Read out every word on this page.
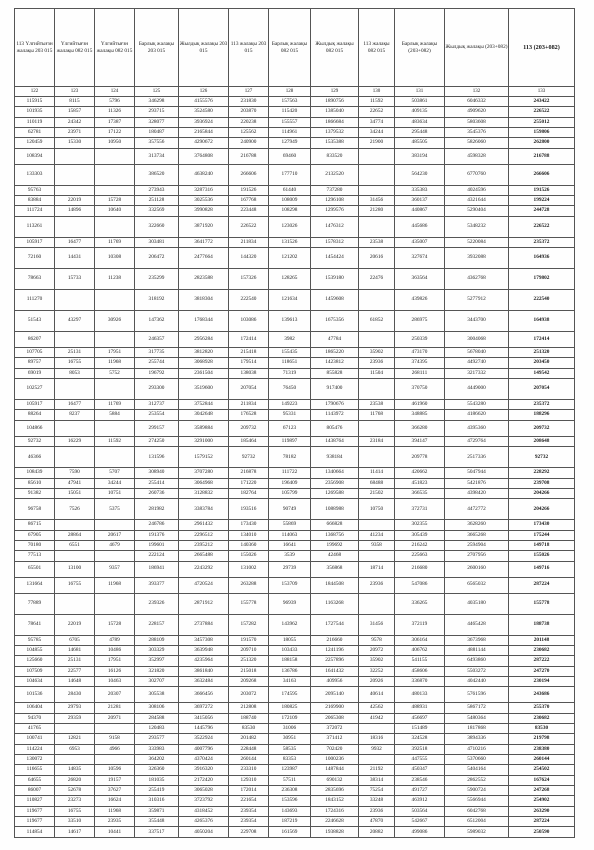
113 Үлгийтығзн жалақы 203 015	Үлгийтығзн жалақы 082 015	Үлгийтығзн жалақы 082 015	Барлық жалақы 203 015	Жылдық жалақы 203 015	113 жалақы 203 015	Барлық жалақы 082 015	Жылдық жалақы 082 015	113 жалақы 082 015	Барлық жалақы (203+082)	Жылдық жалақы (203+082)	113 (203+082)
122	123	124	125	126	127	128	129	130	131	132	133
115915	8115	5796	346298	4155576	231830	157563	1890756	11592	503861	6046332	243422
101935	15857	11326	293715	3524580	203870	115420	1385040	22652	409135	4909620	226522
110119	24342	17387	328077	3936924	220238	155557	1866684	34774	483634	5803608	255012
62781	23971	17122	180487	2165844	125562	114961	1379532	34244	295448	3545376	159806
120459	15330	10950	357556	4290672	240900	127949	1535388	21900	485505	5826060	262800
108394			313734	3764808	216788	69460	833520		383194	4598328	216788
133303			386520	4638240	266606	177710	2132520		564230	6770760	266606
95763			273943	3287316	191526	61440	737280		335383	4024596	191526
83884	22019	15728	251128	3025536	167768	108009	1296108	31456	360137	4321644	199224
111724	14896	10640	332569	3990828	223448	108298	1299576	21280	440867	5290404	244728
113261			322660	3871920	226522	123026	1476312		445686	5348232	226522
105917	16477	11769	303481	3641772	211834	131526	1578312	23538	435007	5220084	235372
72160	14431	10308	206472	2477664	144320	121202	1454424	20616	327674	3932088	164936
78663	15733	11238	235299	2823588	157326	128265	1539180	22476	363564	4362768	179802
111270			318192	3818304	222540	121634	1459608		439826	5277912	222540
51543	43297	30926	147362	1768344	103086	139613	1675356	61852	286975	3443700	164938
86207			246357	2956284	172414	3982	47784		250339	3004068	172414
107705	25131	17951	317735	3812820	215418	155435	1865220	35902	473170	5678040	251320
89757	16755	11968	255744	3068928	179514	118651	1423812	23936	374395	4492740	203450
69019	8053	5752	196792	2361504	138038	71319	855828	11504	268111	3217332	149542
102527			293300	3519600	207054	76450	917400		370750	4449000	207054
105917	16477	11769	312737	3752844	211834	149223	1790676	23538	461960	5543280	235372
88264	8237	5884	253554	3042648	176528	95331	1143972	11768	348885	4186620	188296
104866			299157	3589884	209732	67123	805476		366280	4395360	209732
92732	16229	11592	274250	3291000	185464	119897	1438764	23184	394147	4729764	208648
46366			131596	1579152	92732	78182	938184		209778	2517336	92732
108439	7590	5707	308940	3707280	216878	111722	1340664	11414	420662	5047944	228292
85610	47941	34244	255414	3064968	171220	196409	2356908	68488	451823	5421876	239708
91382	15051	10751	260736	3128832	182764	105799	1269588	21502	366535	4398420	204266
96758	7526	5375	281982	3383784	193516	90749	1088988	10750	372731	4472772	204266
86715			246786	2961432	173430	55869	666828		302355	3628260	173430
67905	28864	20617	191376	2296512	134010	114063	1368756	41234	305439	3665268	175244
70180	6551	4679	199601	2395212	140360	16641	199692	9358	216242	2594904	149718
77513			222124	2665488	155026	3539	42468		225663	2707956	155026
65501	13100	9357	186941	2243292	131002	29739	356868	18714	216680	2600160	149716
131664	16755	11968	393377	4720524	263288	153709	1844508	23936	547086	6565032	287224
77889			239326	2871912	155778	96939	1163268		336265	4035180	155778
78641	22019	15728	228157	2737884	157282	143962	1727544	31456	372119	4465428	188738
95785	6705	4789	288109	3457308	191570	18055	216660	9578	306164	3673968	201148
104855	14681	10486	303329	3639948	209710	103433	1241196	20972	406762	4881144	230682
125660	25131	17951	352997	4235964	251320	188158	2257896	35902	541155	6493860	287222
107509	22577	16126	321820	3861840	215018	136786	1641432	32252	458606	5503272	247270
104634	14648	10463	302707	3632484	209268	34163	409956	20926	336870	4042440	230194
101536	28430	20307	305538	3666456	203072	174595	2095140	40614	480133	5761596	243686
106404	29793	21281	308106	3697272	212808	180825	2169900	42562	488931	5867172	255370
94370	29359	20971	284588	3415056	188740	172109	2065308	41942	456697	5480364	230682
41765			120483	1445796	83530	31006	372072		151489	1817868	83530
100741	12821	9158	293577	3522924	201482	30951	371412	18316	324528	3894336	219798
114224	6953	4966	333983	4007796	228448	58535	702420	9932	392518	4710216	238380
130072			364202	4370424	260144	83353	1000236		447555	5370660	260144
116655	14835	10596	326360	3916320	233310	123987	1487844	21192	450347	5404164	254502
64655	26820	19157	181035	2172420	129310	57511	690132	38314	238546	2862552	167624
86007	52678	37627	255419	3065028	172014	236308	2835696	75254	491727	5900724	247268
110827	23273	16624	310316	3723792	221654	153596	1843152	33248	463912	5566944	254902
119677	16755	11968	359871	4318452	239354	143693	1724316	23936	503564	6042768	263290
119677	33510	23935	355448	4265376	239354	187219	2246628	47870	542667	6512004	287224
114854	14617	10441	337517	4050204	229708	161569	1938828	20882	499086	5989032	250590
